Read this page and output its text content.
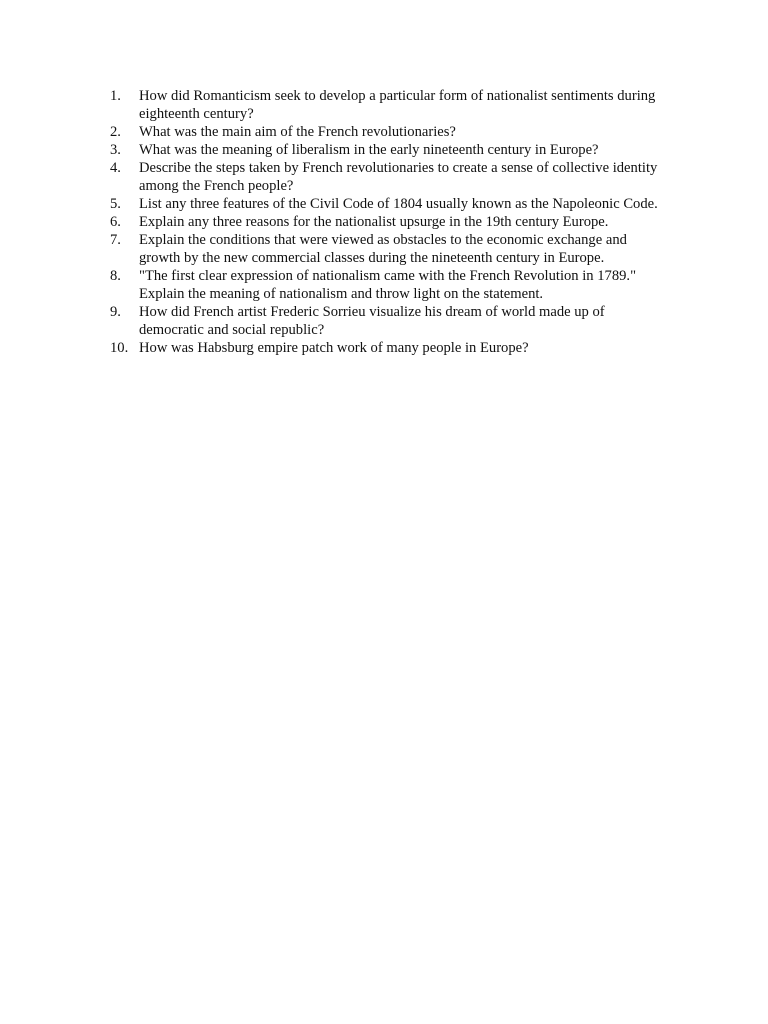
1.	How did Romanticism seek to develop a particular form of nationalist sentiments during eighteenth century?
2.	What was the main aim of the French revolutionaries?
3.	What was the meaning of liberalism in the early nineteenth century in Europe?
4.	Describe the steps taken by French revolutionaries to create a sense of collective identity among the French people?
5.	List any three features of the Civil Code of 1804 usually known as the Napoleonic Code.
6.	Explain any three reasons for the nationalist upsurge in the 19th century Europe.
7.	Explain the conditions that were viewed as obstacles to the economic exchange and growth by the new commercial classes during the nineteenth century in Europe.
8.	"The first clear expression of nationalism came with the French Revolution in 1789." Explain the meaning of nationalism and throw light on the statement.
9.	How did French artist Frederic Sorrieu visualize his dream of world made up of democratic and social republic?
10. How was Habsburg empire patch work of many people in Europe?
